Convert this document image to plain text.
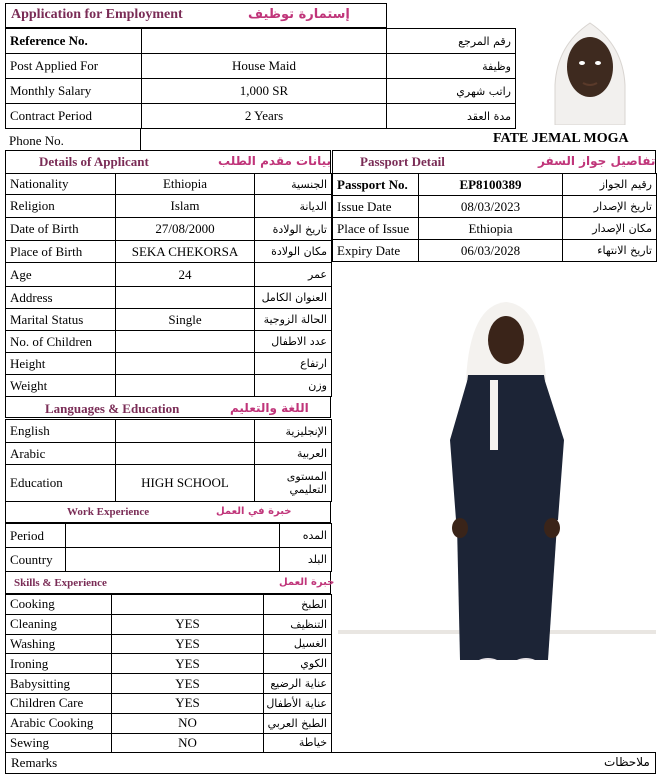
Application for Employment	إستمارة توظيف
Reference No.		رقم المرجع
Post Applied For	House Maid	وظيفة
Monthly Salary	1,000 SR	راتب شهري
Contract Period	2 Years	مدة العقد
Phone No.	FATE JEMAL MOGA
Details of Applicant	بيانات مقدم الطلب
Nationality	Ethiopia	الجنسية
Religion	Islam	الديانة
Date of Birth	27/08/2000	تاريخ الولادة
Place of Birth	SEKA CHEKORSA	مكان الولادة
Age	24	عمر
Address		العنوان الكامل
Marital Status	Single	الحالة الزوجية
No. of Children		عدد الاطفال
Height		ارتفاع
Weight		وزن
Passport Detail	تفاصيل جواز السفر
Passport No.	EP8100389	رقيم الجواز
Issue Date	08/03/2023	تاريخ الإصدار
Place of Issue	Ethiopia	مكان الإصدار
Expiry Date	06/03/2028	تاريخ الانتهاء
Languages & Education	اللغة والتعليم
English		الإنجليزية
Arabic		العربية
Education	HIGH SCHOOL	المستوى التعليمي
Work Experience	خبرة في العمل
Period		المده
Country		البلد
Skills & Experience	خبرة العمل
Cooking		الطبخ
Cleaning	YES	التنظيف
Washing	YES	الغسيل
Ironing	YES	الكوي
Babysitting	YES	عناية الرضيع
Children Care	YES	عناية الأطفال
Arabic Cooking	NO	الطبخ العربي
Sewing	NO	خياطة
Remarks	ملاحظات
